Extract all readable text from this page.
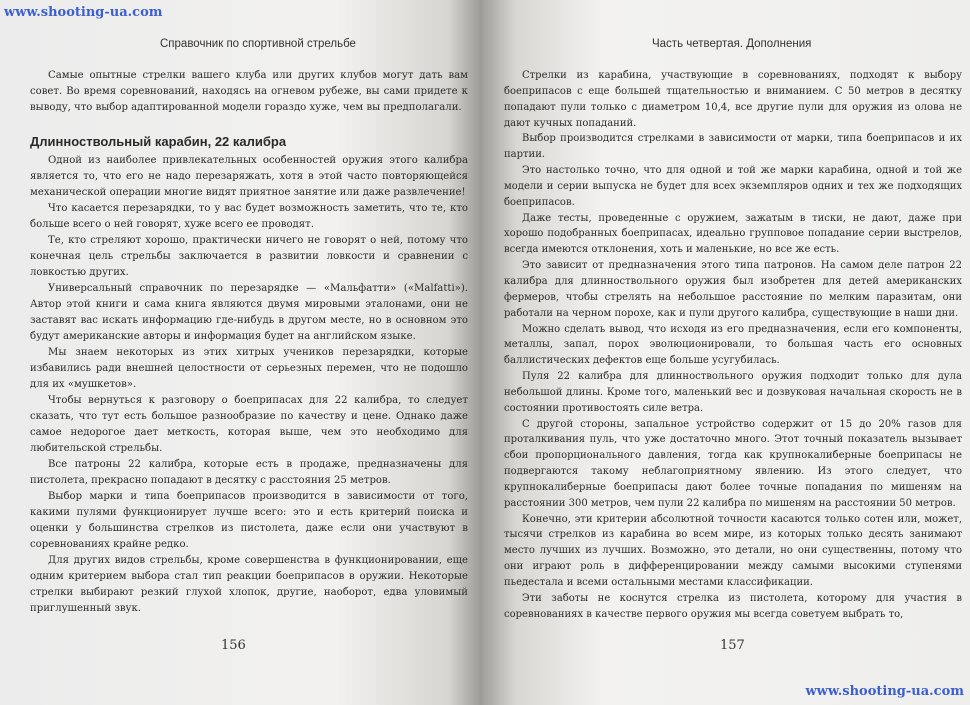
www.shooting-ua.com
Справочник по спортивной стрельбе

Самые опытные стрелки вашего клуба или других клубов могут дать вам совет. Во время соревнований, находясь на огневом рубеже, вы сами придете к выводу, что выбор адаптированной модели гораздо хуже, чем вы предполагали.

Длинноствольный карабин, 22 калибра

Одной из наиболее привлекательных особенностей оружия этого калибра является то, что его не надо перезаряжать, хотя в этой часто повторяющейся механической операции многие видят приятное занятие или даже развлечение!

Что касается перезарядки, то у вас будет возможность заметить, что те, кто больше всего о ней говорят, хуже всего ее проводят.

Те, кто стреляют хорошо, практически ничего не говорят о ней, потому что конечная цель стрельбы заключается в развитии ловкости и сравнении с ловкостью других.

Универсальный справочник по перезарядке — «Мальфатти» («Malfatti»). Автор этой книги и сама книга являются двумя мировыми эталонами, они не заставят вас искать информацию где-нибудь в другом месте, но в основном это будут американские авторы и информация будет на английском языке.

Мы знаем некоторых из этих хитрых учеников перезарядки, которые избавились ради внешней целостности от серьезных перемен, что не подошло для их «мушкетов».

Чтобы вернуться к разговору о боеприпасах для 22 калибра, то следует сказать, что тут есть большое разнообразие по качеству и цене. Однако даже самое недорогое дает меткость, которая выше, чем это необходимо для любительской стрельбы.

Все патроны 22 калибра, которые есть в продаже, предназначены для пистолета, прекрасно попадают в десятку с расстояния 25 метров.

Выбор марки и типа боеприпасов производится в зависимости от того, какими пулями функционирует лучше всего: это и есть критерий поиска и оценки у большинства стрелков из пистолета, даже если они участвуют в соревнованиях крайне редко.

Для других видов стрельбы, кроме совершенства в функционировании, еще одним критерием выбора стал тип реакции боеприпасов в оружии. Некоторые стрелки выбирают резкий глухой хлопок, другие, наоборот, едва уловимый приглушенный звук.

156
Часть четвертая. Дополнения

Стрелки из карабина, участвующие в соревнованиях, подходят к выбору боеприпасов с еще большей тщательностью и вниманием. С 50 метров в десятку попадают пули только с диаметром 10,4, все другие пули для оружия из олова не дают кучных попаданий.

Выбор производится стрелками в зависимости от марки, типа боеприпасов и их партии.

Это настолько точно, что для одной и той же марки карабина, одной и той же модели и серии выпуска не будет для всех экземпляров одних и тех же подходящих боеприпасов.

Даже тесты, проведенные с оружием, зажатым в тиски, не дают, даже при хорошо подобранных боеприпасах, идеально групповое попадание серии выстрелов, всегда имеются отклонения, хоть и маленькие, но все же есть.

Это зависит от предназначения этого типа патронов. На самом деле патрон 22 калибра для длинноствольного оружия был изобретен для детей американских фермеров, чтобы стрелять на небольшое расстояние по мелким паразитам, они работали на черном порохе, как и пули другого калибра, существующие в наши дни.

Можно сделать вывод, что исходя из его предназначения, если его компоненты, металлы, запал, порох эволюционировали, то большая часть его основных баллистических дефектов еще больше усугубилась.

Пуля 22 калибра для длинноствольного оружия подходит только для дула небольшой длины. Кроме того, маленький вес и дозвуковая начальная скорость не в состоянии противостоять силе ветра.

С другой стороны, запальное устройство содержит от 15 до 20% газов для проталкивания пуль, что уже достаточно много. Этот точный показатель вызывает сбои пропорционального давления, тогда как крупнокалиберные боеприпасы не подвергаются такому неблагоприятному явлению. Из этого следует, что крупнокалиберные боеприпасы дают более точные попадания по мишеням на расстоянии 300 метров, чем пули 22 калибра по мишеням на расстоянии 50 метров.

Конечно, эти критерии абсолютной точности касаются только сотен или, может, тысячи стрелков из карабина во всем мире, из которых только десять занимают место лучших из лучших. Возможно, это детали, но они существенны, потому что они играют роль в дифференцировании между самыми высокими ступенями пьедестала и всеми остальными местами классификации.

Эти заботы не коснутся стрелка из пистолета, которому для участия в соревнованиях в качестве первого оружия мы всегда советуем выбрать то,

157
www.shooting-ua.com
